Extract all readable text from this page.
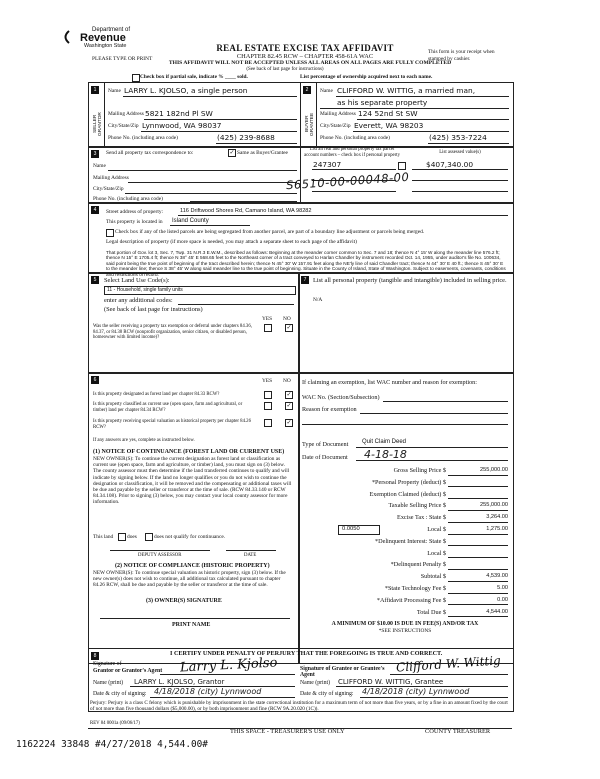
Department of
Revenue
Washington State	REAL ESTATE EXCISE TAX AFFIDAVIT
CHAPTER 82.45 RCW – CHAPTER 458-61A WAC
THIS AFFIDAVIT WILL NOT BE ACCEPTED UNLESS ALL AREAS ON ALL PAGES ARE FULLY COMPLETED
PLEASE TYPE OR PRINT
This form is your receipt when stamped by cashier.
(See back of last page for instructions)
Check box if partial sale, indicate % ____ sold.	List percentage of ownership acquired next to each name.
1
SELLER GRANTOR
Name LARRY L. KJOLSO, a single person
Mailing Address 5821 182nd Pl SW
City/State/Zip Lynnwood, WA 98037
Phone No. (including area code)	(425) 239-8688
2
BUYER GRANTEE
Name CLIFFORD W. WITTIG, a married man,
as his separate property
Mailing Address 124 52nd St SW
City/State/Zip Everett, WA 98203
Phone No. (including area code)	(425) 353-7224
3	Send all property tax correspondence to:	✓ Same as Buyer/Grantee
List all real and personal property tax parcel account numbers – check box if personal property
List assessed value(s)
Name
Mailing Address
City/State/Zip
Phone No. (including area code)
247307	$407,340.00
S6510-00-00048-00
4	Street address of property:	116 Driftwood Shores Rd, Camano Island, WA 98282
This property is located in Island County
Check box if any of the listed parcels are being segregated from another parcel, are part of a boundary line adjustment or parcels being merged.
Legal description of property (if more space is needed, you may attach a separate sheet to each page of the affidavit)
That portion of Gov. lot 3, Sec. 7, Twp. 31 N.R.3 E.W.M., described as follows: Beginning at the meander corner common to Sec. 7 and 18; thence N 4° 15' W along the meander line 576.2 ft; thence N 15° E 1705.4 ft; thence N 38° 45' E 568.65 feet to the Northeast corner of a tract conveyed to Harlan Chandler by instrument recorded Oct. 14, 1955, under auditor's file No. 100634, said point being the true point of beginning of the tract described herein; thence N 45° 30' W 157.91 feet along the NE'ly line of said Chandler tract; thence N 44° 30' E 40 ft.; thence S 45° 30' E to the meander line; thence S 38° 45' W along said meander line to the true point of beginning. Situate in the County of Island, State of Washington. Subject to easements, covenants, conditions and restrictions of record.
5	Select Land Use Code(s):
11 - Household, single family units
enter any additional codes:
(See back of last page for instructions)
YES NO
Was the seller receiving a property tax exemption or deferral under chapters 84.36, 84.37, or 84.38 RCW (nonprofit organization, senior citizen, or disabled person, homeowner with limited income)?
✓
7	List all personal property (tangible and intangible) included in selling price.
N/A
6	YES NO
Is this property designated as forest land per chapter 84.33 RCW?	✓
Is this property classified as current use (open space, farm and agricultural, or timber) land per chapter 84.34 RCW?
✓
Is this property receiving special valuation as historical property per chapter 84.26 RCW?
✓
If any answers are yes, complete as instructed below.
(1) NOTICE OF CONTINUANCE (FOREST LAND OR CURRENT USE)
NEW OWNER(S): To continue the current designation as forest land or classification as current use (open space, farm and agriculture, or timber) land, you must sign on (3) below. The county assessor must then determine if the land transferred continues to qualify and will indicate by signing below. If the land no longer qualifies or you do not wish to continue the designation or classification, it will be removed and the compensating or additional taxes will be due and payable by the seller or transferor at the time of sale. (RCW 84.33.140 or RCW 84.34.108). Prior to signing (3) below, you may contact your local county assessor for more information.
This land	does	does not qualify for continuance.
DEPUTY ASSESSOR	DATE
(2) NOTICE OF COMPLIANCE (HISTORIC PROPERTY)
NEW OWNER(S): To continue special valuation as historic property, sign (3) below. If the new owner(s) does not wish to continue, all additional tax calculated pursuant to chapter 84.26 RCW, shall be due and payable by the seller or transferor at the time of sale.
(3) OWNER(S) SIGNATURE
PRINT NAME
If claiming an exemption, list WAC number and reason for exemption:
WAC No. (Section/Subsection)
Reason for exemption
Type of Document Quit Claim Deed
Date of Document 4-18-18
Gross Selling Price $	255,000.00
*Personal Property (deduct) $
Exemption Claimed (deduct) $
Taxable Selling Price $	255,000.00
Excise Tax : State $	3,264.00
Local $	1,275.00
*Delinquent Interest: State $
Local $
*Delinquent Penalty $
Subtotal $	4,539.00
*State Technology Fee $	5.00
*Affidavit Processing Fee $	0.00
Total Due $	4,544.00
0.0050
A MINIMUM OF $10.00 IS DUE IN FEE(S) AND/OR TAX
*SEE INSTRUCTIONS
8	I CERTIFY UNDER PENALTY OF PERJURY THAT THE FOREGOING IS TRUE AND CORRECT.
Signature of
Grantor or Grantor's Agent Larry L. Kjolso	Signature of Grantee or Grantee's Agent
Clifford W. Wittig
Name (print) LARRY L. KJOLSO, Grantor	Name (print) CLIFFORD W. WITTIG, Grantee
Date & city of signing: 4/18/2018 (city) Lynnwood	Date & city of signing: 4/18/2018 (city) Lynnwood
Perjury: Perjury is a class C felony which is punishable by imprisonment in the state correctional institution for a maximum term of not more than five years, or by a fine in an amount fixed by the court of not more than five thousand dollars ($5,000.00), or by both imprisonment and fine (RCW 9A.20.020 (1C)).
REV 84 0001a (09/06/17)
THIS SPACE - TREASURER'S USE ONLY	COUNTY TREASURER
1162224 33848 #4/27/2018 4,544.00#
